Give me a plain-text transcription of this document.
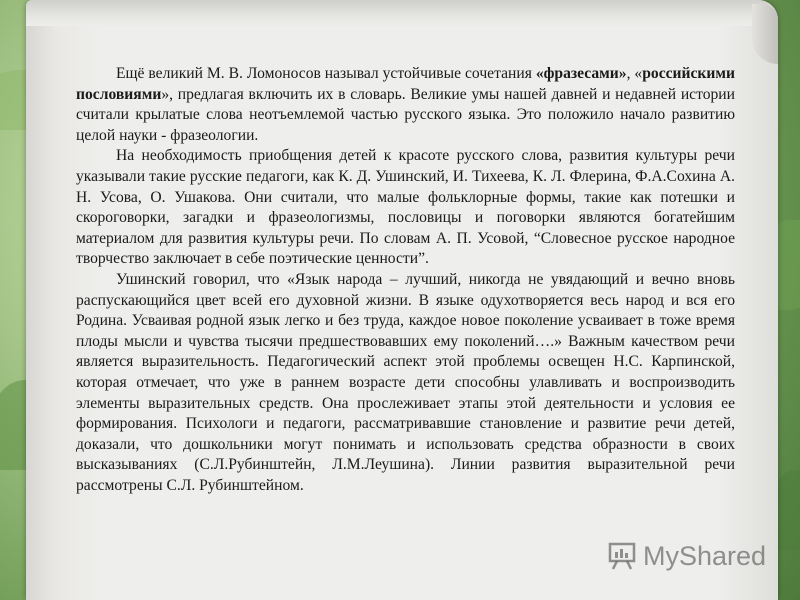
Ещё великий М. В. Ломоносов называл устойчивые сочетания «фразесами», «российскими пословиями», предлагая включить их в словарь. Великие умы нашей давней и недавней истории считали крылатые слова неотъемлемой частью русского языка. Это положило начало развитию целой науки - фразеологии.

На необходимость приобщения детей к красоте русского слова, развития культуры речи указывали такие русские педагоги, как К. Д. Ушинский, И. Тихеева, К. Л. Флерина, Ф.А.Сохина А. Н. Усова, О. Ушакова. Они считали, что малые фольклорные формы, такие как потешки и скороговорки, загадки и фразеологизмы, пословицы и поговорки являются богатейшим материалом для развития культуры речи. По словам А. П. Усовой, “Словесное русское народное творчество заключает в себе поэтические ценности”.

Ушинский говорил, что «Язык народа – лучший, никогда не увядающий и вечно вновь распускающийся цвет всей его духовной жизни. В языке одухотворяется весь народ и вся его Родина. Усваивая родной язык легко и без труда, каждое новое поколение усваивает в тоже время плоды мысли и чувства тысячи предшествовавших ему поколений….» Важным качеством речи является выразительность. Педагогический аспект этой проблемы освещен Н.С. Карпинской, которая отмечает, что уже в раннем возрасте дети способны улавливать и воспроизводить элементы выразительных средств. Она прослеживает этапы этой деятельности и условия ее формирования. Психологи и педагоги, рассматривавшие становление и развитие речи детей, доказали, что дошкольники могут понимать и использовать средства образности в своих высказываниях (С.Л.Рубинштейн, Л.М.Леушина). Линии развития выразительной речи рассмотрены С.Л. Рубинштейном.

MyShared
